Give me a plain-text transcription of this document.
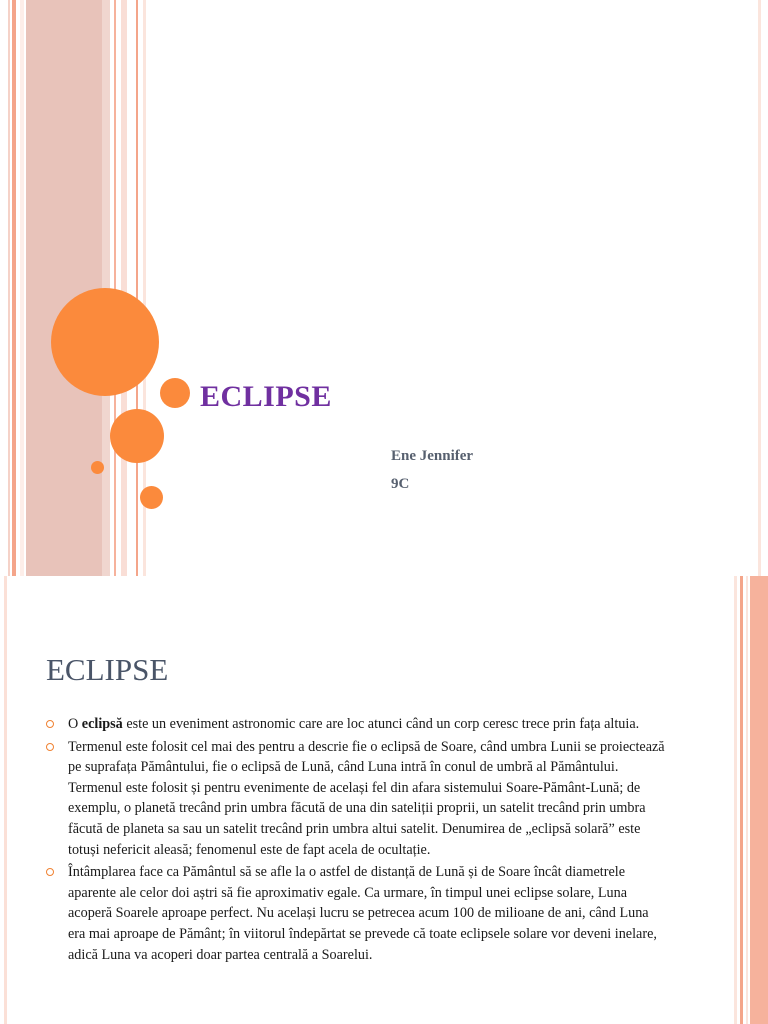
ECLIPSE
Ene Jennifer
9C
ECLIPSE
O eclipsă este un eveniment astronomic care are loc atunci când un corp ceresc trece prin fața altuia.
Termenul este folosit cel mai des pentru a descrie fie o eclipsă de Soare, când umbra Lunii se proiectează pe suprafața Pământului, fie o eclipsă de Lună, când Luna intră în conul de umbră al Pământului. Termenul este folosit și pentru evenimente de același fel din afara sistemului Soare-Pământ-Lună; de exemplu, o planetă trecând prin umbra făcută de una din sateliții proprii, un satelit trecând prin umbra făcută de planeta sa sau un satelit trecând prin umbra altui satelit. Denumirea de „eclipsă solară” este totuși nefericit aleasă; fenomenul este de fapt acela de ocultație.
Întâmplarea face ca Pământul să se afle la o astfel de distanță de Lună și de Soare încât diametrele aparente ale celor doi aștri să fie aproximativ egale. Ca urmare, în timpul unei eclipse solare, Luna acoperă Soarele aproape perfect. Nu același lucru se petrecea acum 100 de milioane de ani, când Luna era mai aproape de Pământ; în viitorul îndepărtat se prevede că toate eclipsele solare vor deveni inelare, adică Luna va acoperi doar partea centrală a Soarelui.
